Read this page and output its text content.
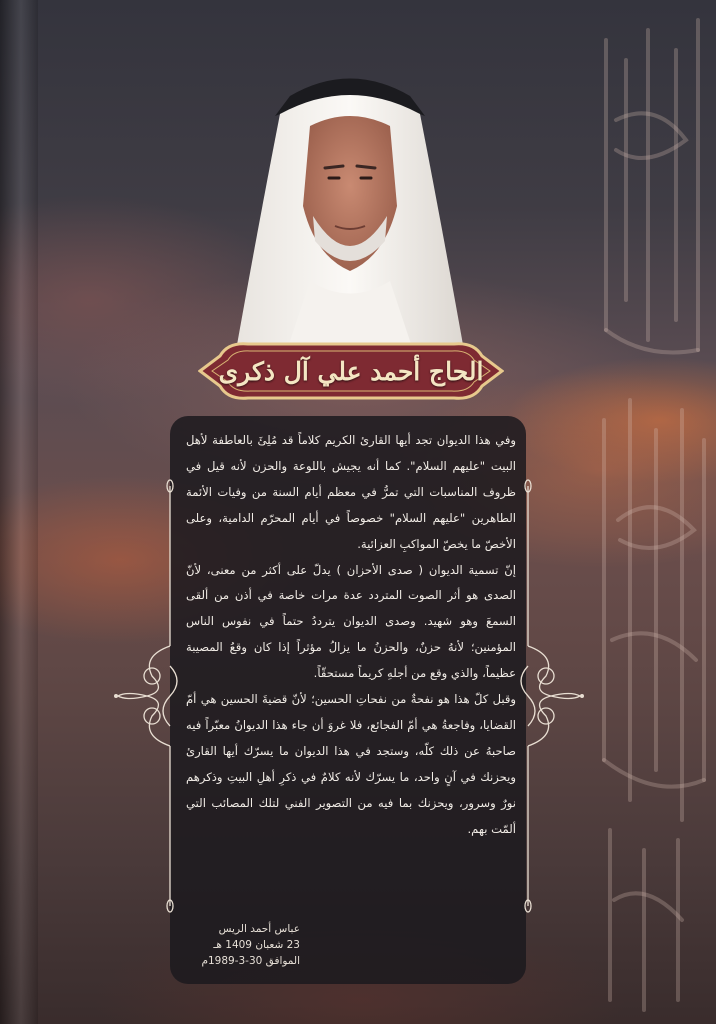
الحاج أحمد علي آل ذكرى

وفي هذا الديوان تجد أيها القارئ الكريم كلاماً قد مُلِئَ بالعاطفة لأهل البيت "عليهم السلام". كما أنه يجيش باللوعة والحزن لأنه قيل في ظروف المناسبات التي تمرُّ في معظم أيام السنة من وفيات الأئمة الطاهرين "عليهم السلام" خصوصاً في أيام المحرّم الدامية، وعلى الأخصّ ما يخصّ المواكبِ العزائية.

إنّ تسمية الديوان ( صدى الأحزان ) يدلّ على أكثر من معنى، لأنّ الصدى هو أثر الصوت المتردد عدة مرات خاصة في أذن من ألقى السمعَ وهو شهيد. وصدى الديوان يترددُ حتماً في نفوس الناس المؤمنين؛ لأنهُ حزنٌ، والحزنُ ما يزالُ مؤثراً إذا كان وقعُ المصيبة عظيماً، والذي وقع من أجلهِ كريماً مستحقّاً.

وقبل كلّ هذا هو نفحةٌ من نفحاتِ الحسين؛ لأنّ قضيةَ الحسين هي أمّ القضايا، وفاجعةُ هي أمّ الفجائع، فلا غروَ أن جاء هذا الديوانُ معبّراً فيه صاحبهُ عن ذلك كلّه، وستجد في هذا الديوان ما يسرّك أيها القارئ ويحزنك في آنٍ واحد، ما يسرّك لأنه كلامٌ في ذكرِ أهلِ البيتِ وذكرهم نورٌ وسرور، ويحزنك بما فيه من التصوير الفني لتلك المصائب التي ألمّت بهم.

عباس أحمد الريس
23 شعبان 1409 هـ
الموافق 30-3-1989م
